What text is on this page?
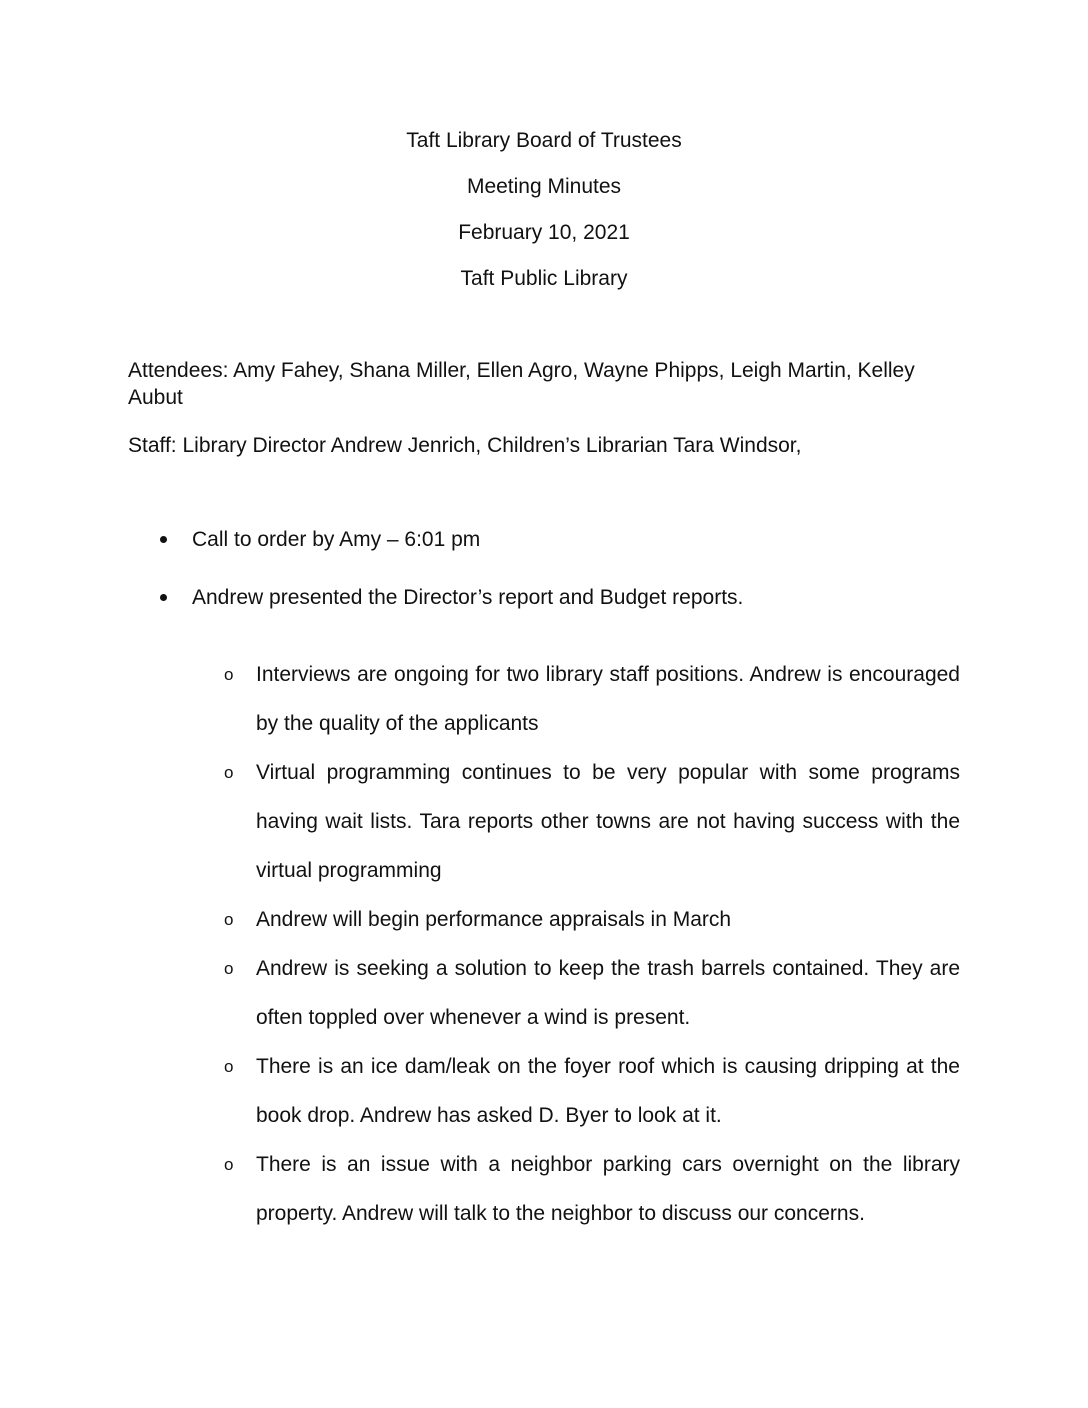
Taft Library Board of Trustees
Meeting Minutes
February 10, 2021
Taft Public Library
Attendees: Amy Fahey, Shana Miller, Ellen Agro, Wayne Phipps, Leigh Martin, Kelley Aubut
Staff: Library Director Andrew Jenrich, Children’s Librarian Tara Windsor,
Call to order by Amy – 6:01 pm
Andrew presented the Director’s report and Budget reports.
o Interviews are ongoing for two library staff positions. Andrew is encouraged by the quality of the applicants
o Virtual programming continues to be very popular with some programs having wait lists. Tara reports other towns are not having success with the virtual programming
o Andrew will begin performance appraisals in March
o Andrew is seeking a solution to keep the trash barrels contained. They are often toppled over whenever a wind is present.
o There is an ice dam/leak on the foyer roof which is causing dripping at the book drop. Andrew has asked D. Byer to look at it.
o There is an issue with a neighbor parking cars overnight on the library property. Andrew will talk to the neighbor to discuss our concerns.
